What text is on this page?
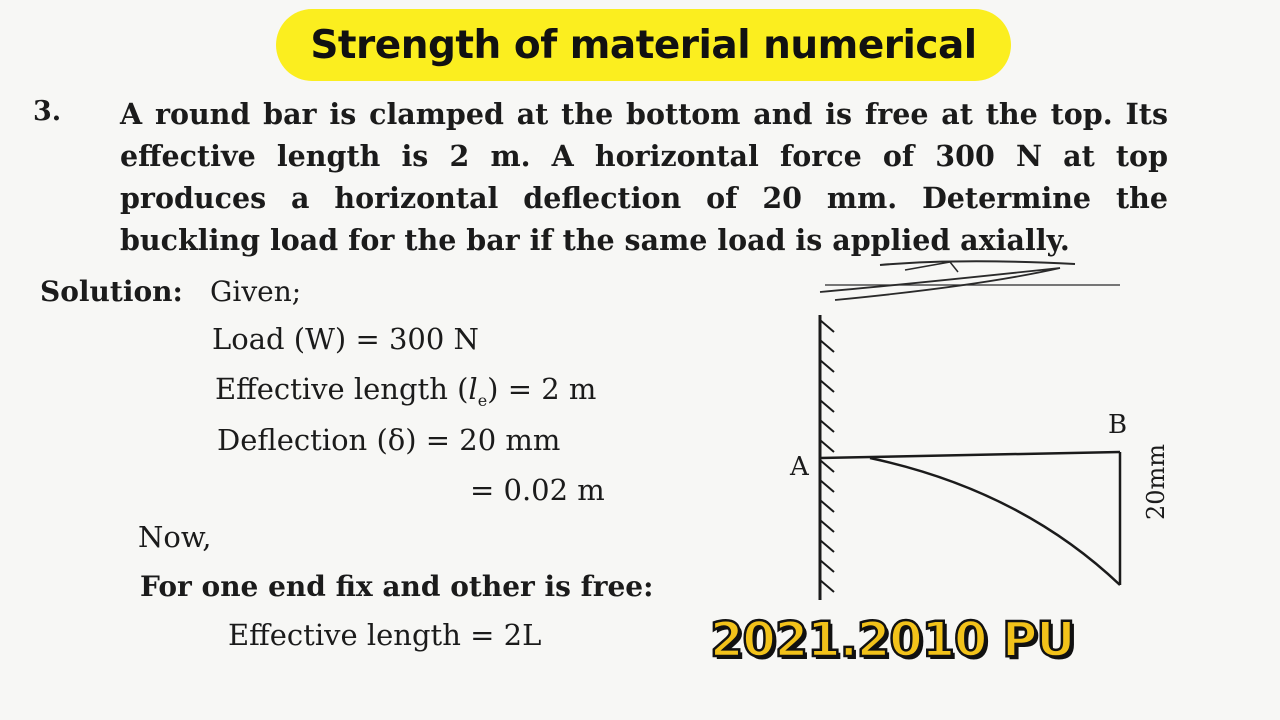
Strength of material numerical
3. A round bar is clamped at the bottom and is free at the top. Its
effective length is 2 m. A horizontal force of 300 N at top
produces a horizontal deflection of 20 mm. Determine the
buckling load for the bar if the same load is applied axially.
Solution: Given;
Load (W) = 300 N
Effective length $(l_e) = 2$ m
Deflection (δ) = 20 mm
= 0.02 m
Now,
For one end fix and other is free:
Effective length = 2L
A
B
20mm
2021.2010 PU
